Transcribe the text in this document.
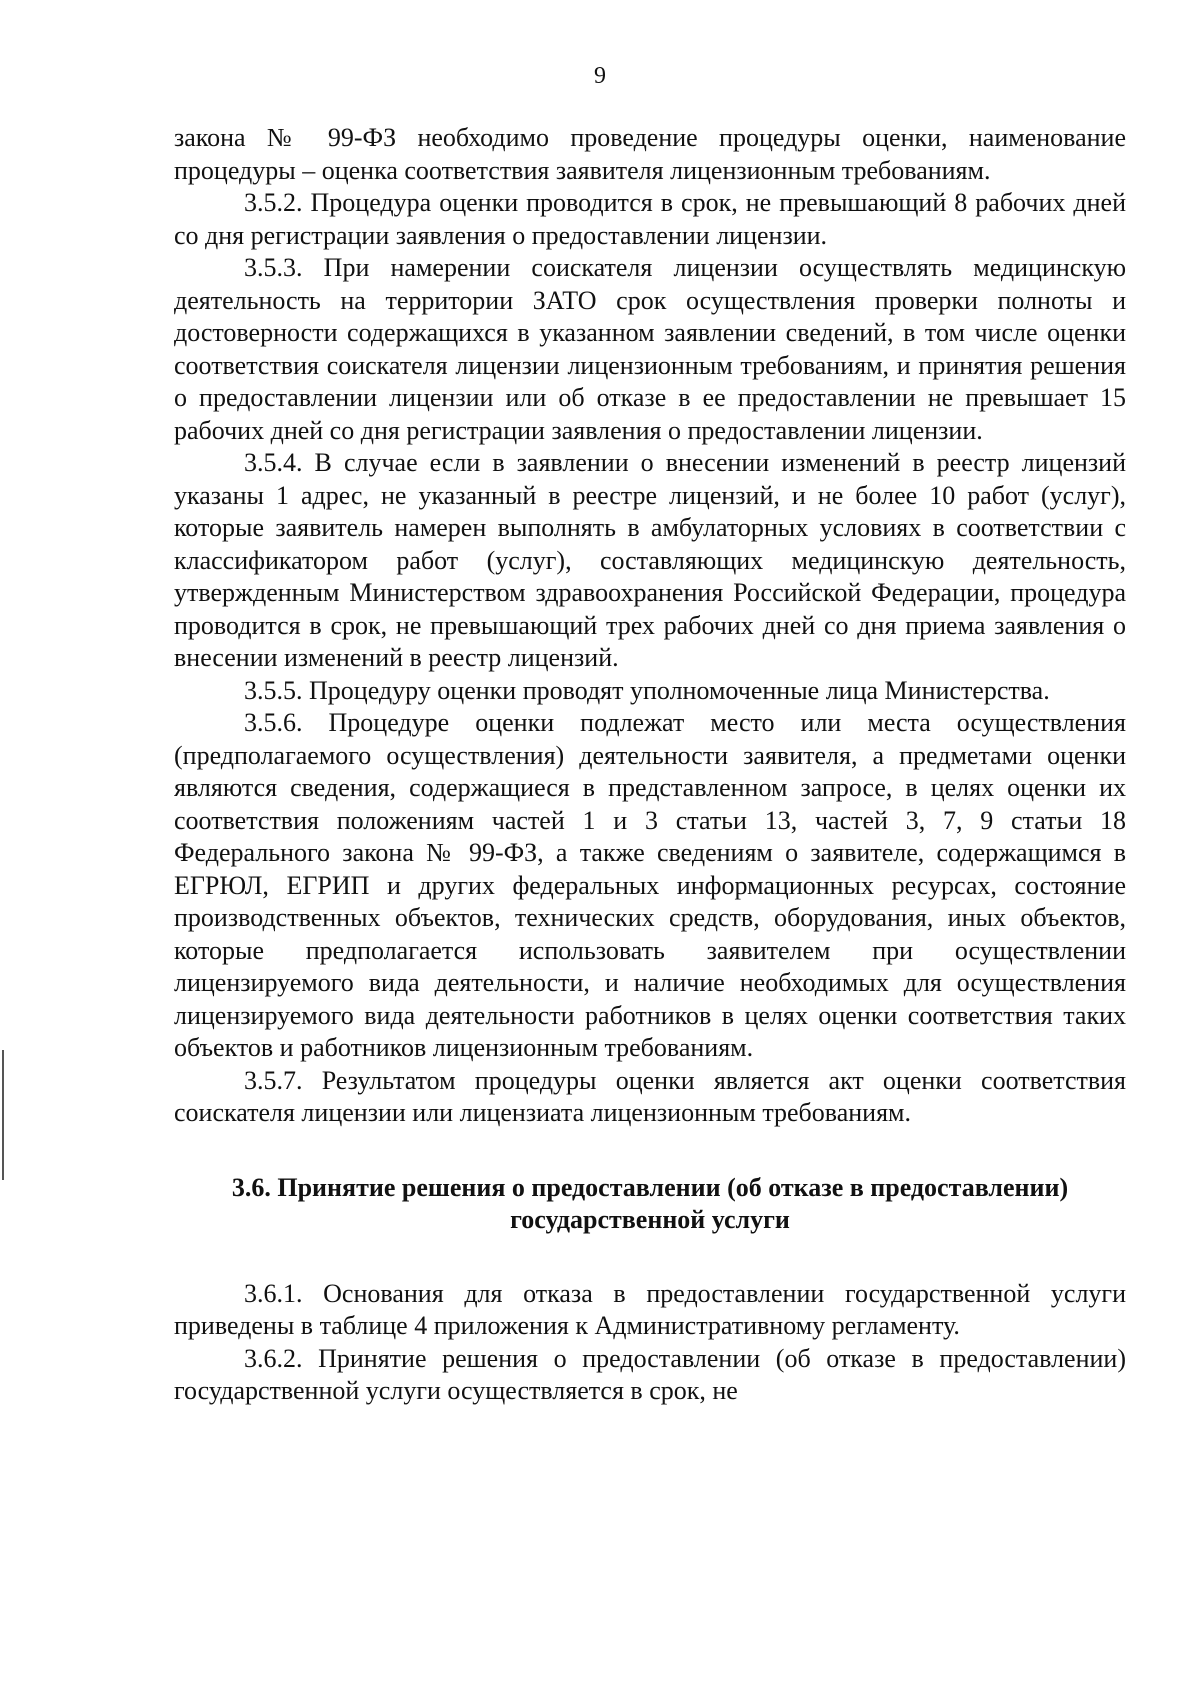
9

закона № 99-ФЗ необходимо проведение процедуры оценки, наименование процедуры – оценка соответствия заявителя лицензионным требованиям.

3.5.2. Процедура оценки проводится в срок, не превышающий 8 рабочих дней со дня регистрации заявления о предоставлении лицензии.

3.5.3. При намерении соискателя лицензии осуществлять медицинскую деятельность на территории ЗАТО срок осуществления проверки полноты и достоверности содержащихся в указанном заявлении сведений, в том числе оценки соответствия соискателя лицензии лицензионным требованиям, и принятия решения о предоставлении лицензии или об отказе в ее предоставлении не превышает 15 рабочих дней со дня регистрации заявления о предоставлении лицензии.

3.5.4. В случае если в заявлении о внесении изменений в реестр лицензий указаны 1 адрес, не указанный в реестре лицензий, и не более 10 работ (услуг), которые заявитель намерен выполнять в амбулаторных условиях в соответствии с классификатором работ (услуг), составляющих медицинскую деятельность, утвержденным Министерством здравоохранения Российской Федерации, процедура проводится в срок, не превышающий трех рабочих дней со дня приема заявления о внесении изменений в реестр лицензий.

3.5.5. Процедуру оценки проводят уполномоченные лица Министерства.

3.5.6. Процедуре оценки подлежат место или места осуществления (предполагаемого осуществления) деятельности заявителя, а предметами оценки являются сведения, содержащиеся в представленном запросе, в целях оценки их соответствия положениям частей 1 и 3 статьи 13, частей 3, 7, 9 статьи 18 Федерального закона № 99-ФЗ, а также сведениям о заявителе, содержащимся в ЕГРЮЛ, ЕГРИП и других федеральных информационных ресурсах, состояние производственных объектов, технических средств, оборудования, иных объектов, которые предполагается использовать заявителем при осуществлении лицензируемого вида деятельности, и наличие необходимых для осуществления лицензируемого вида деятельности работников в целях оценки соответствия таких объектов и работников лицензионным требованиям.

3.5.7. Результатом процедуры оценки является акт оценки соответствия соискателя лицензии или лицензиата лицензионным требованиям.

3.6. Принятие решения о предоставлении (об отказе в предоставлении)
государственной услуги

3.6.1. Основания для отказа в предоставлении государственной услуги приведены в таблице 4 приложения к Административному регламенту.

3.6.2. Принятие решения о предоставлении (об отказе в предоставлении) государственной услуги осуществляется в срок, не
